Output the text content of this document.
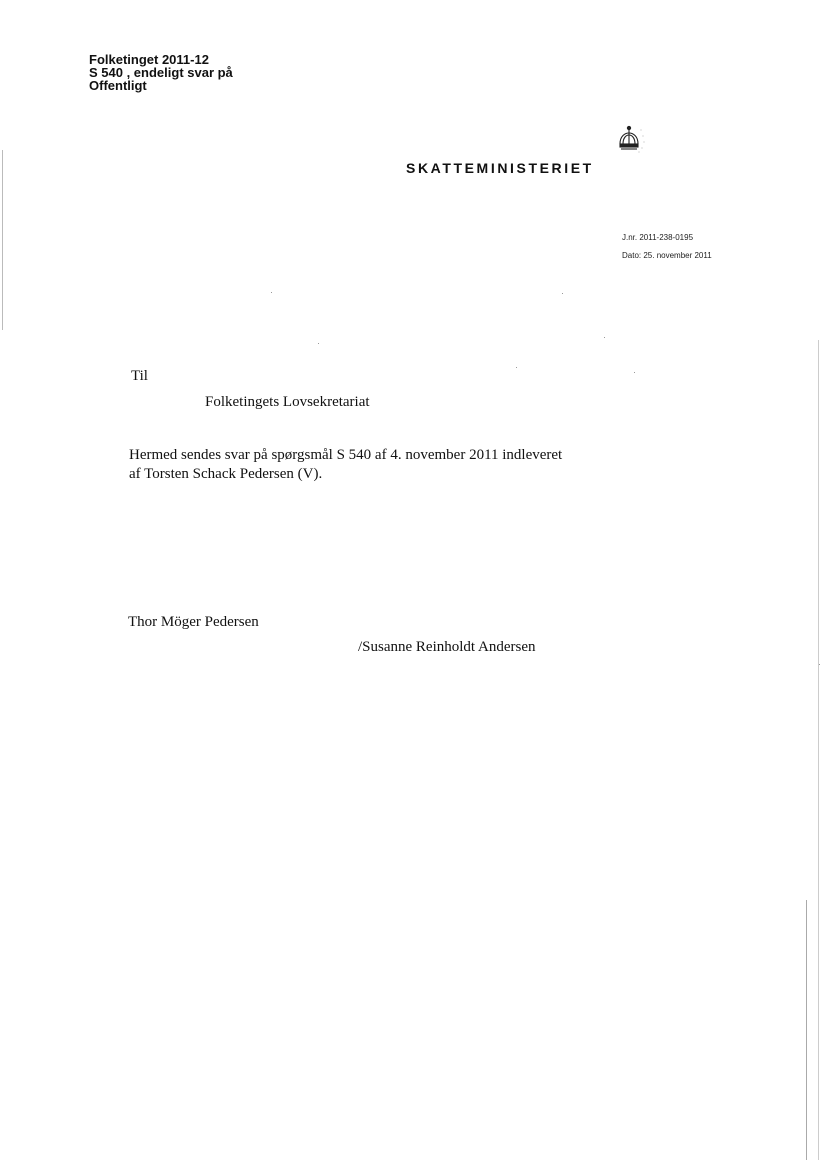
Folketinget 2011-12
S 540 , endeligt svar på
Offentligt
SKATTEMINISTERIET
J.nr. 2011-238-0195
Dato: 25. november 2011
Til
Folketingets Lovsekretariat
Hermed sendes svar på spørgsmål S 540 af 4. november 2011 indleveret
af Torsten Schack Pedersen (V).
Thor Möger Pedersen
/Susanne Reinholdt Andersen
